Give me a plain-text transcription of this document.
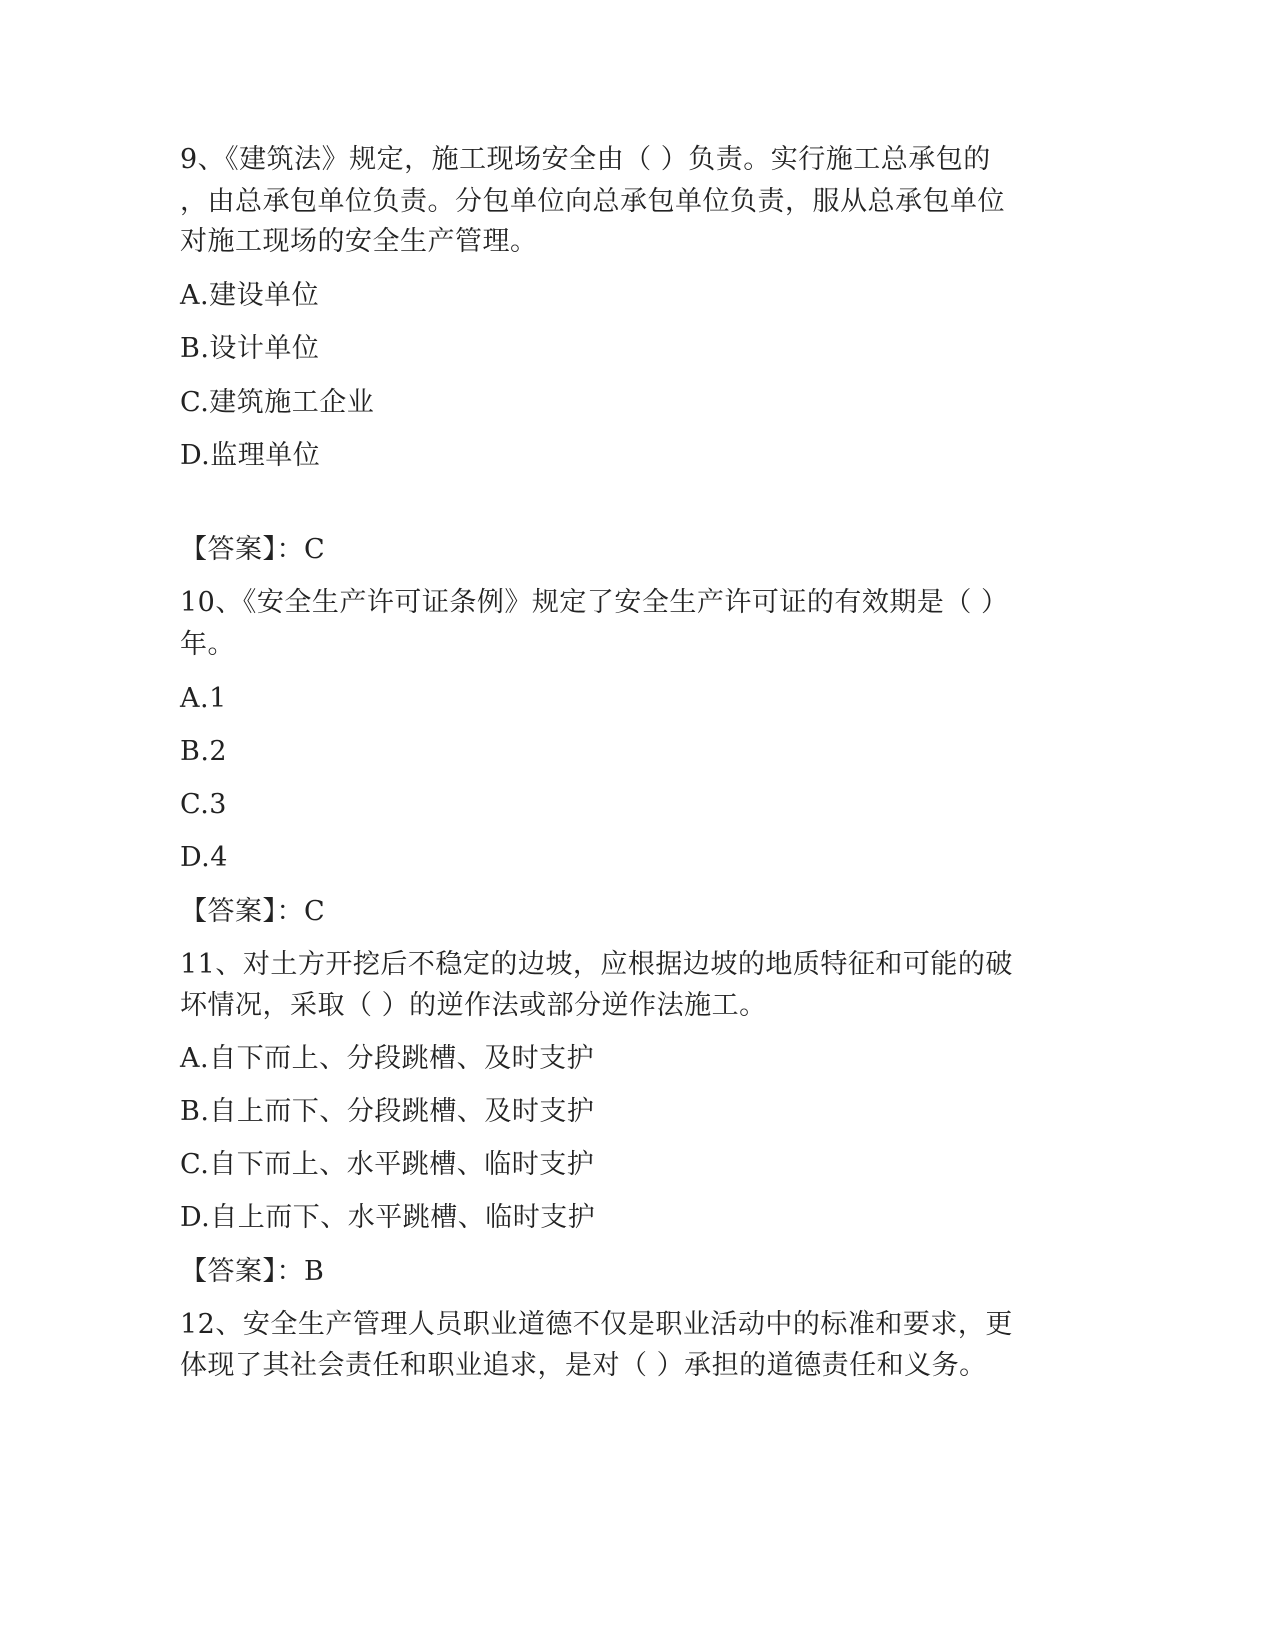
9、《建筑法》规定，施工现场安全由（ ）负责。实行施工总承包的
，由总承包单位负责。分包单位向总承包单位负责，服从总承包单位
对施工现场的安全生产管理。
A.建设单位
B.设计单位
C.建筑施工企业
D.监理单位
【答案】：C
10、《安全生产许可证条例》规定了安全生产许可证的有效期是（ ）
年。
A.1
B.2
C.3
D.4
【答案】：C
11、对土方开挖后不稳定的边坡，应根据边坡的地质特征和可能的破
坏情况，采取（ ）的逆作法或部分逆作法施工。
A.自下而上、分段跳槽、及时支护
B.自上而下、分段跳槽、及时支护
C.自下而上、水平跳槽、临时支护
D.自上而下、水平跳槽、临时支护
【答案】：B
12、安全生产管理人员职业道德不仅是职业活动中的标准和要求，更
体现了其社会责任和职业追求，是对（ ）承担的道德责任和义务。
